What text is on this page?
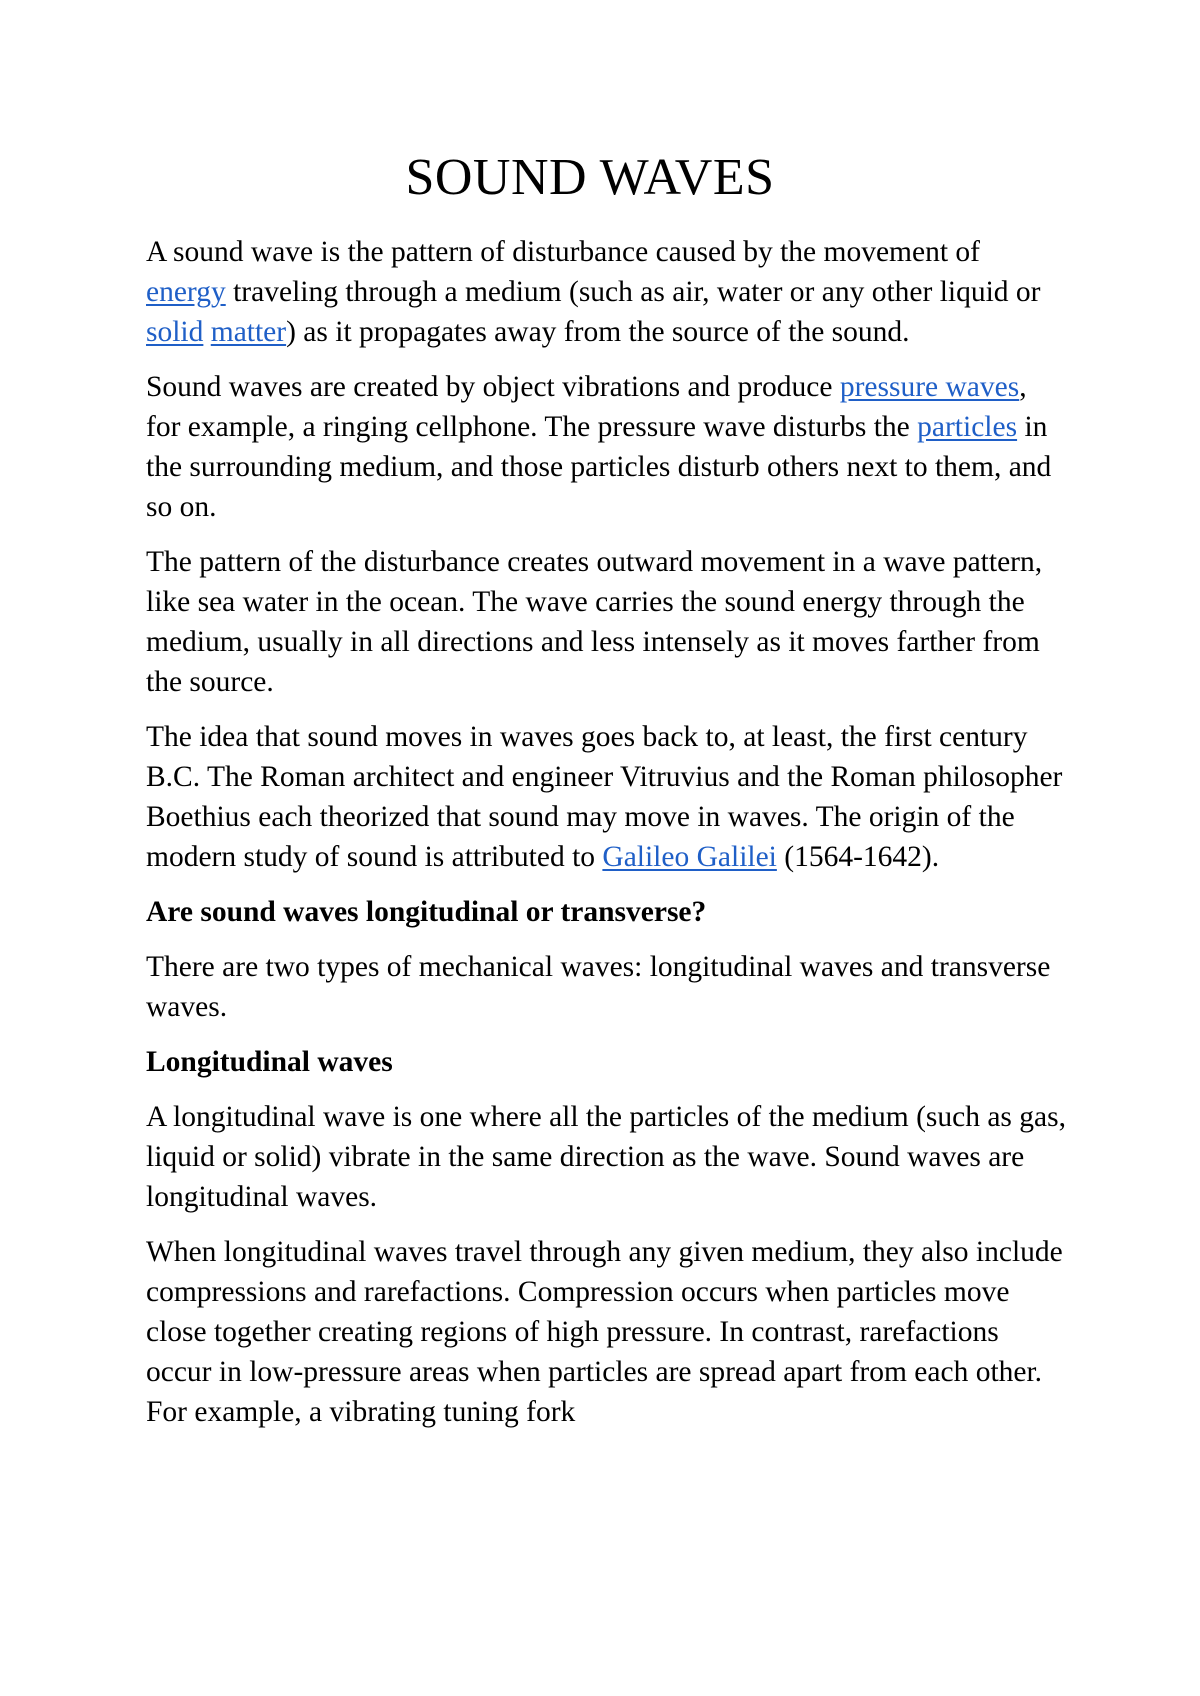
SOUND WAVES

A sound wave is the pattern of disturbance caused by the movement of energy traveling through a medium (such as air, water or any other liquid or solid matter) as it propagates away from the source of the sound.

Sound waves are created by object vibrations and produce pressure waves, for example, a ringing cellphone. The pressure wave disturbs the particles in the surrounding medium, and those particles disturb others next to them, and so on.

The pattern of the disturbance creates outward movement in a wave pattern, like sea water in the ocean. The wave carries the sound energy through the medium, usually in all directions and less intensely as it moves farther from the source.

The idea that sound moves in waves goes back to, at least, the first century B.C. The Roman architect and engineer Vitruvius and the Roman philosopher Boethius each theorized that sound may move in waves. The origin of the modern study of sound is attributed to Galileo Galilei (1564-1642).

Are sound waves longitudinal or transverse?

There are two types of mechanical waves: longitudinal waves and transverse waves.

Longitudinal waves

A longitudinal wave is one where all the particles of the medium (such as gas, liquid or solid) vibrate in the same direction as the wave. Sound waves are longitudinal waves.

When longitudinal waves travel through any given medium, they also include compressions and rarefactions. Compression occurs when particles move close together creating regions of high pressure. In contrast, rarefactions occur in low-pressure areas when particles are spread apart from each other. For example, a vibrating tuning fork
